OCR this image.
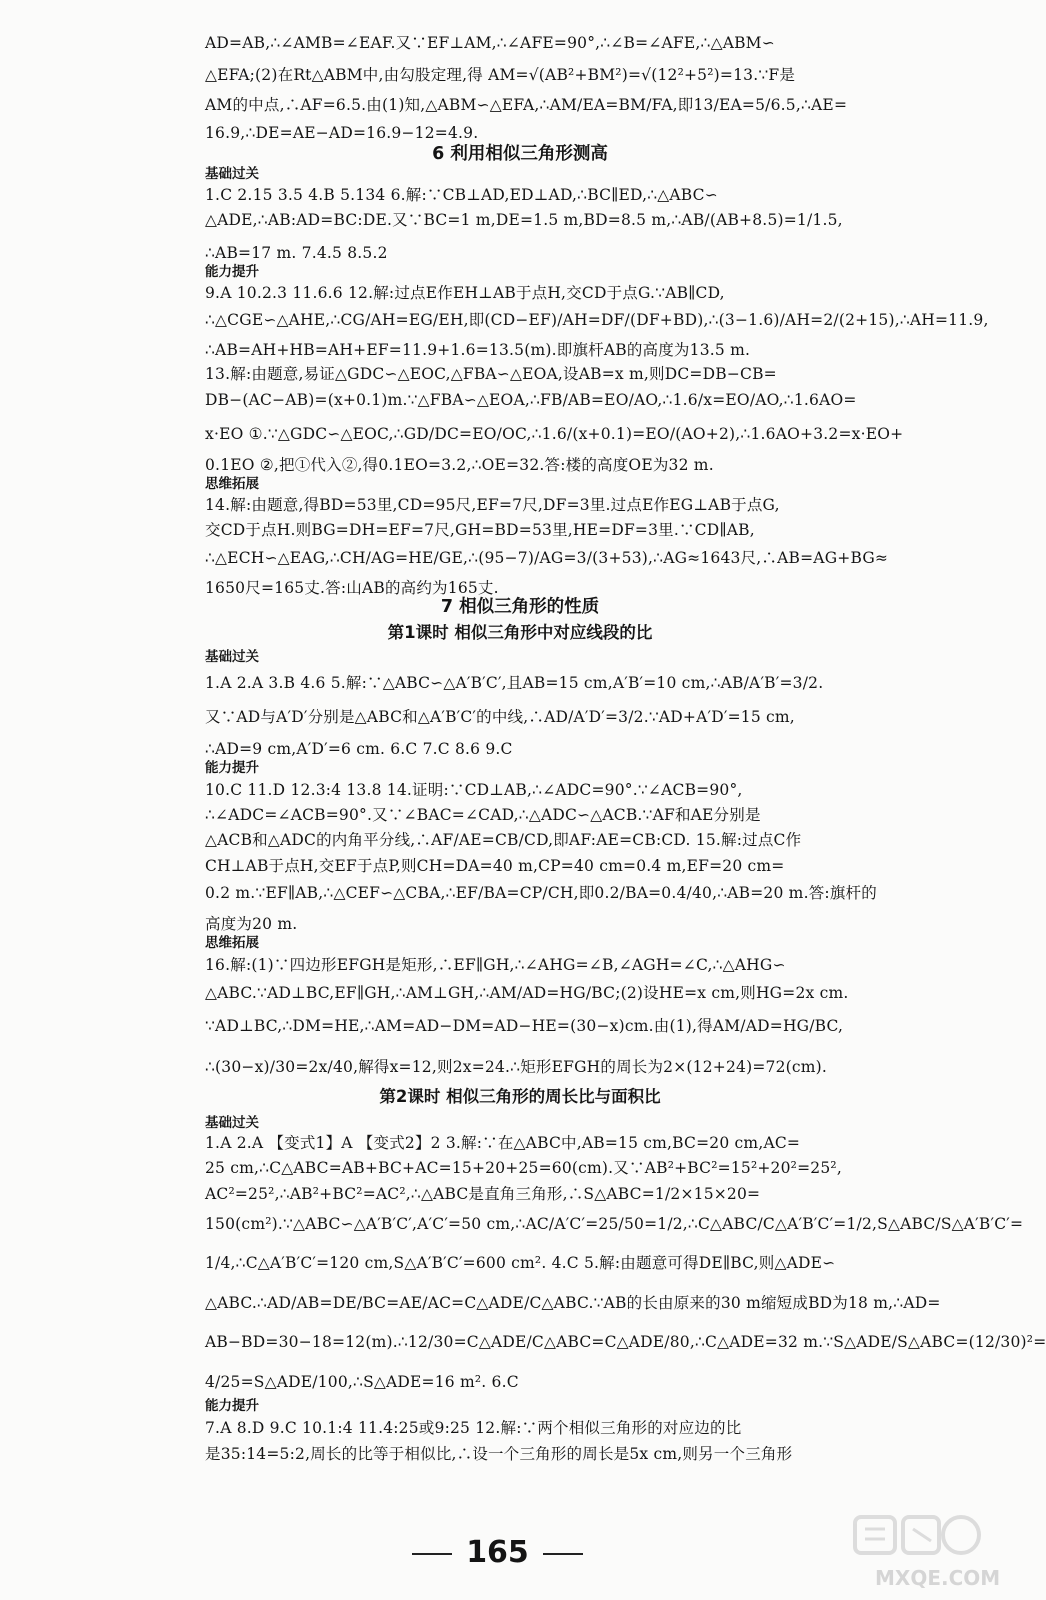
AD=AB,∴∠AMB=∠EAF.又∵EF⊥AM,∴∠AFE=90°,∴∠B=∠AFE,∴△ABM∽
△EFA;(2)在Rt△ABM中,由勾股定理,得 AM=√(AB²+BM²)=√(12²+5²)=13.∵F是
AM的中点,∴AF=6.5.由(1)知,△ABM∽△EFA,∴AM/EA=BM/FA,即13/EA=5/6.5,∴AE=
16.9,∴DE=AE−AD=16.9−12=4.9.
6 利用相似三角形测高
基础过关
1.C 2.15 3.5 4.B 5.134 6.解:∵CB⊥AD,ED⊥AD,∴BC∥ED,∴△ABC∽
△ADE,∴AB:AD=BC:DE.又∵BC=1 m,DE=1.5 m,BD=8.5 m,∴AB/(AB+8.5)=1/1.5,
∴AB=17 m. 7.4.5 8.5.2
能力提升
9.A 10.2.3 11.6.6 12.解:过点E作EH⊥AB于点H,交CD于点G.∵AB∥CD,
∴△CGE∽△AHE,∴CG/AH=EG/EH,即(CD−EF)/AH=DF/(DF+BD),∴(3−1.6)/AH=2/(2+15),∴AH=11.9,
∴AB=AH+HB=AH+EF=11.9+1.6=13.5(m).即旗杆AB的高度为13.5 m.
13.解:由题意,易证△GDC∽△EOC,△FBA∽△EOA,设AB=x m,则DC=DB−CB=
DB−(AC−AB)=(x+0.1)m.∵△FBA∽△EOA,∴FB/AB=EO/AO,∴1.6/x=EO/AO,∴1.6AO=
x·EO ①.∵△GDC∽△EOC,∴GD/DC=EO/OC,∴1.6/(x+0.1)=EO/(AO+2),∴1.6AO+3.2=x·EO+
0.1EO ②,把①代入②,得0.1EO=3.2,∴OE=32.答:楼的高度OE为32 m.
思维拓展
14.解:由题意,得BD=53里,CD=95尺,EF=7尺,DF=3里.过点E作EG⊥AB于点G,
交CD于点H.则BG=DH=EF=7尺,GH=BD=53里,HE=DF=3里.∵CD∥AB,
∴△ECH∽△EAG,∴CH/AG=HE/GE,∴(95−7)/AG=3/(3+53),∴AG≈1643尺,∴AB=AG+BG≈
1650尺=165丈.答:山AB的高约为165丈.
7 相似三角形的性质
第1课时 相似三角形中对应线段的比
基础过关
1.A 2.A 3.B 4.6 5.解:∵△ABC∽△A′B′C′,且AB=15 cm,A′B′=10 cm,∴AB/A′B′=3/2.
又∵AD与A′D′分别是△ABC和△A′B′C′的中线,∴AD/A′D′=3/2.∵AD+A′D′=15 cm,
∴AD=9 cm,A′D′=6 cm. 6.C 7.C 8.6 9.C
能力提升
10.C 11.D 12.3:4 13.8 14.证明:∵CD⊥AB,∴∠ADC=90°.∵∠ACB=90°,
∴∠ADC=∠ACB=90°.又∵∠BAC=∠CAD,∴△ADC∽△ACB.∵AF和AE分别是
△ACB和△ADC的内角平分线,∴AF/AE=CB/CD,即AF:AE=CB:CD. 15.解:过点C作
CH⊥AB于点H,交EF于点P,则CH=DA=40 m,CP=40 cm=0.4 m,EF=20 cm=
0.2 m.∵EF∥AB,∴△CEF∽△CBA,∴EF/BA=CP/CH,即0.2/BA=0.4/40,∴AB=20 m.答:旗杆的
高度为20 m.
思维拓展
16.解:(1)∵四边形EFGH是矩形,∴EF∥GH,∴∠AHG=∠B,∠AGH=∠C,∴△AHG∽
△ABC.∵AD⊥BC,EF∥GH,∴AM⊥GH,∴AM/AD=HG/BC;(2)设HE=x cm,则HG=2x cm.
∵AD⊥BC,∴DM=HE,∴AM=AD−DM=AD−HE=(30−x)cm.由(1),得AM/AD=HG/BC,
∴(30−x)/30=2x/40,解得x=12,则2x=24.∴矩形EFGH的周长为2×(12+24)=72(cm).
第2课时 相似三角形的周长比与面积比
基础过关
1.A 2.A 【变式1】A 【变式2】2 3.解:∵在△ABC中,AB=15 cm,BC=20 cm,AC=
25 cm,∴C△ABC=AB+BC+AC=15+20+25=60(cm).又∵AB²+BC²=15²+20²=25²,
AC²=25²,∴AB²+BC²=AC²,∴△ABC是直角三角形,∴S△ABC=1/2×15×20=
150(cm²).∵△ABC∽△A′B′C′,A′C′=50 cm,∴AC/A′C′=25/50=1/2,∴C△ABC/C△A′B′C′=1/2,S△ABC/S△A′B′C′=
1/4,∴C△A′B′C′=120 cm,S△A′B′C′=600 cm². 4.C 5.解:由题意可得DE∥BC,则△ADE∽
△ABC.∴AD/AB=DE/BC=AE/AC=C△ADE/C△ABC.∵AB的长由原来的30 m缩短成BD为18 m,∴AD=
AB−BD=30−18=12(m).∴12/30=C△ADE/C△ABC=C△ADE/80,∴C△ADE=32 m.∵S△ADE/S△ABC=(12/30)²=
4/25=S△ADE/100,∴S△ADE=16 m². 6.C
能力提升
7.A 8.D 9.C 10.1:4 11.4:25或9:25 12.解:∵两个相似三角形的对应边的比
是35:14=5:2,周长的比等于相似比,∴设一个三角形的周长是5x cm,则另一个三角形
165
MXQE.COM
